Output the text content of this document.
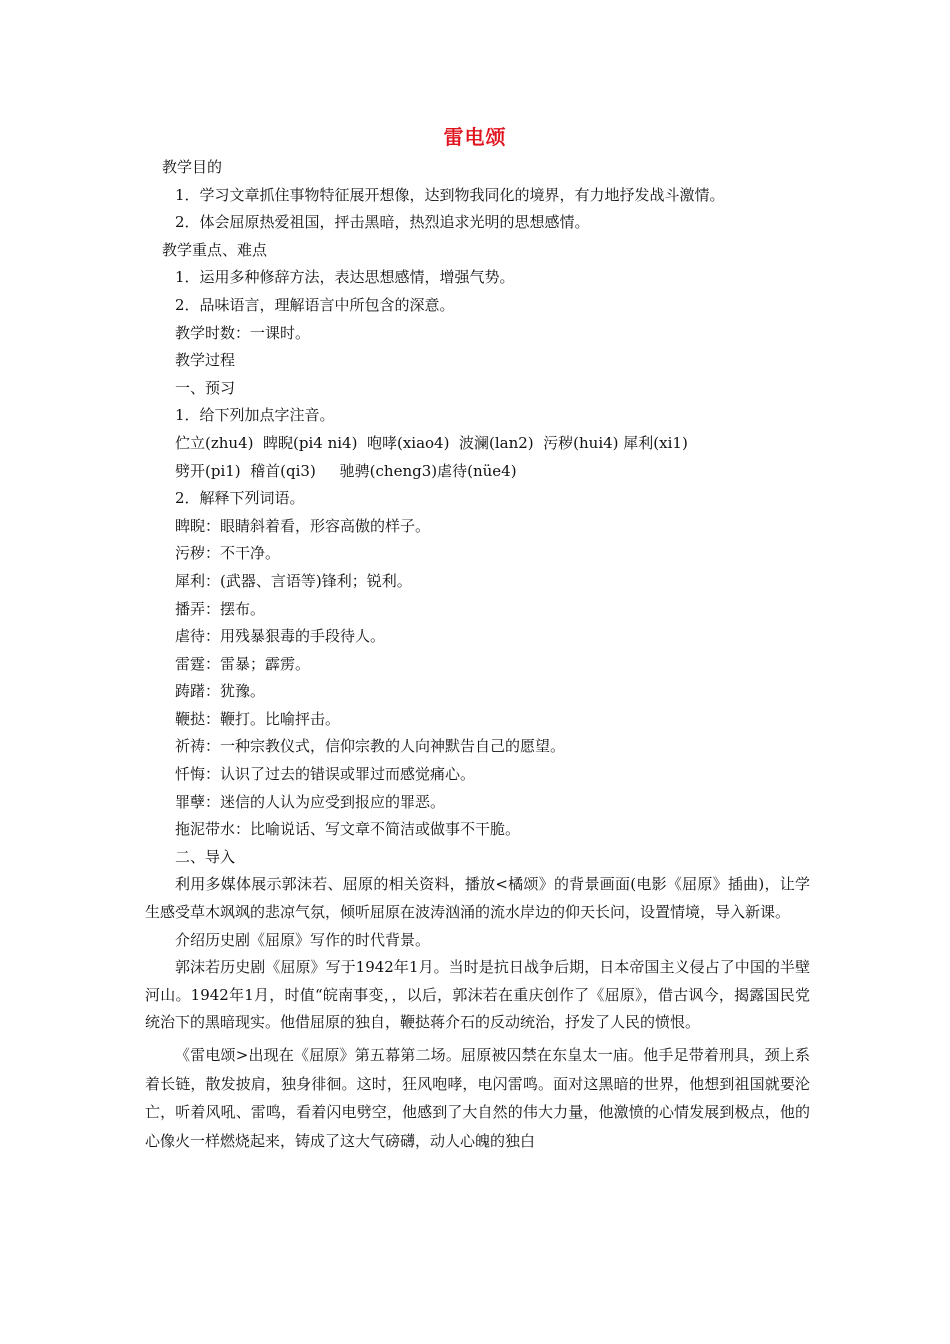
雷电颂
教学目的
1．学习文章抓住事物特征展开想像，达到物我同化的境界，有力地抒发战斗激情。
2．体会屈原热爱祖国，抨击黑暗，热烈追求光明的思想感情。
教学重点、难点
1．运用多种修辞方法，表达思想感情，增强气势。
2．品味语言，理解语言中所包含的深意。
教学时数：一课时。
教学过程
一、预习
1．给下列加点字注音。
伫立(zhu4)  睥睨(pi4 ni4)  咆哮(xiao4)  波澜(lan2)  污秽(hui4) 犀利(xi1)
劈开(pi1)  稽首(qi3)     驰骋(cheng3)虐待(nüe4)
2．解释下列词语。
睥睨：眼睛斜着看，形容高傲的样子。
污秽：不干净。
犀利：(武器、言语等)锋利；锐利。
播弄：摆布。
虐待：用残暴狠毒的手段待人。
雷霆：雷暴；霹雳。
踌躇：犹豫。
鞭挞：鞭打。比喻抨击。
祈祷：一种宗教仪式，信仰宗教的人向神默告自己的愿望。
忏悔：认识了过去的错误或罪过而感觉痛心。
罪孽：迷信的人认为应受到报应的罪恶。
拖泥带水：比喻说话、写文章不简洁或做事不干脆。
二、导入
利用多媒体展示郭沫若、屈原的相关资料，播放<橘颂》的背景画面(电影《屈原》插曲)，让学生感受草木飒飒的悲凉气氛，倾听屈原在波涛汹涌的流水岸边的仰天长问，设置情境，导入新课。
介绍历史剧《屈原》写作的时代背景。
郭沫若历史剧《屈原》写于1942年1月。当时是抗日战争后期，日本帝国主义侵占了中国的半壁河山。1942年1月，时值“皖南事变，，以后，郭沫若在重庆创作了《屈原》，借古讽今，揭露国民党统治下的黑暗现实。他借屈原的独自，鞭挞蒋介石的反动统治，抒发了人民的愤恨。
《雷电颂>出现在《屈原》第五幕第二场。屈原被囚禁在东皇太一庙。他手足带着刑具，颈上系着长链，散发披肩，独身徘徊。这时，狂风咆哮，电闪雷鸣。面对这黑暗的世界，他想到祖国就要沦亡，听着风吼、雷鸣，看着闪电劈空，他感到了大自然的伟大力量，他激愤的心情发展到极点，他的心像火一样燃烧起来，铸成了这大气磅礴，动人心魄的独白
